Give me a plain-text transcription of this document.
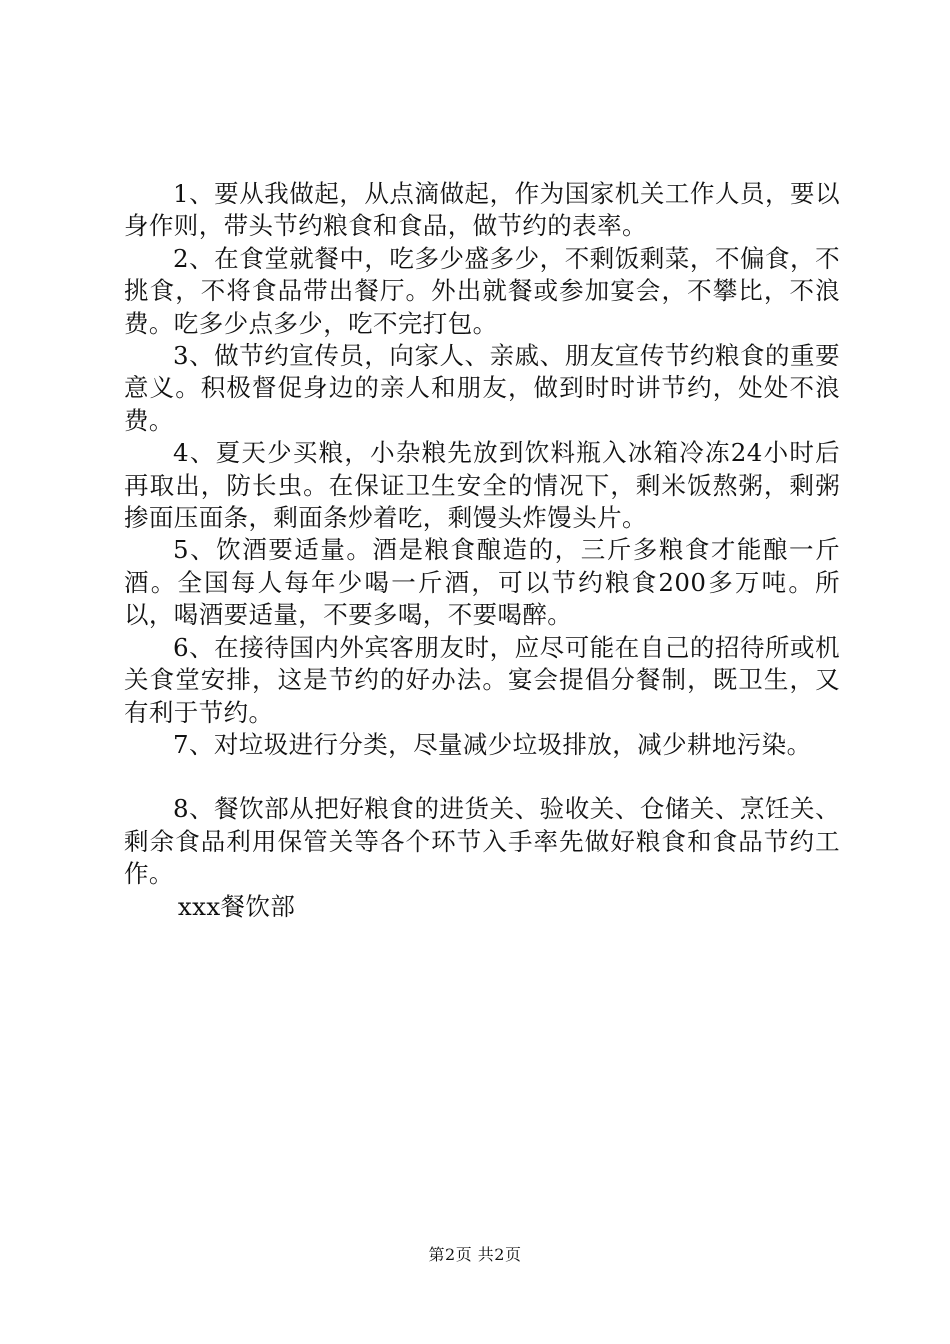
1、要从我做起，从点滴做起，作为国家机关工作人员，要以身作则，带头节约粮食和食品，做节约的表率。

2、在食堂就餐中，吃多少盛多少，不剩饭剩菜，不偏食，不挑食，不将食品带出餐厅。外出就餐或参加宴会，不攀比，不浪费。吃多少点多少，吃不完打包。

3、做节约宣传员，向家人、亲戚、朋友宣传节约粮食的重要意义。积极督促身边的亲人和朋友，做到时时讲节约，处处不浪费。

4、夏天少买粮，小杂粮先放到饮料瓶入冰箱冷冻24小时后再取出，防长虫。在保证卫生安全的情况下，剩米饭熬粥，剩粥掺面压面条，剩面条炒着吃，剩馒头炸馒头片。

5、饮酒要适量。酒是粮食酿造的，三斤多粮食才能酿一斤酒。全国每人每年少喝一斤酒，可以节约粮食200多万吨。所以，喝酒要适量，不要多喝，不要喝醉。

6、在接待国内外宾客朋友时，应尽可能在自己的招待所或机关食堂安排，这是节约的好办法。宴会提倡分餐制，既卫生，又有利于节约。

7、对垃圾进行分类，尽量减少垃圾排放，减少耕地污染。

8、餐饮部从把好粮食的进货关、验收关、仓储关、烹饪关、剩余食品利用保管关等各个环节入手率先做好粮食和食品节约工作。

xxx餐饮部

第2页 共2页
